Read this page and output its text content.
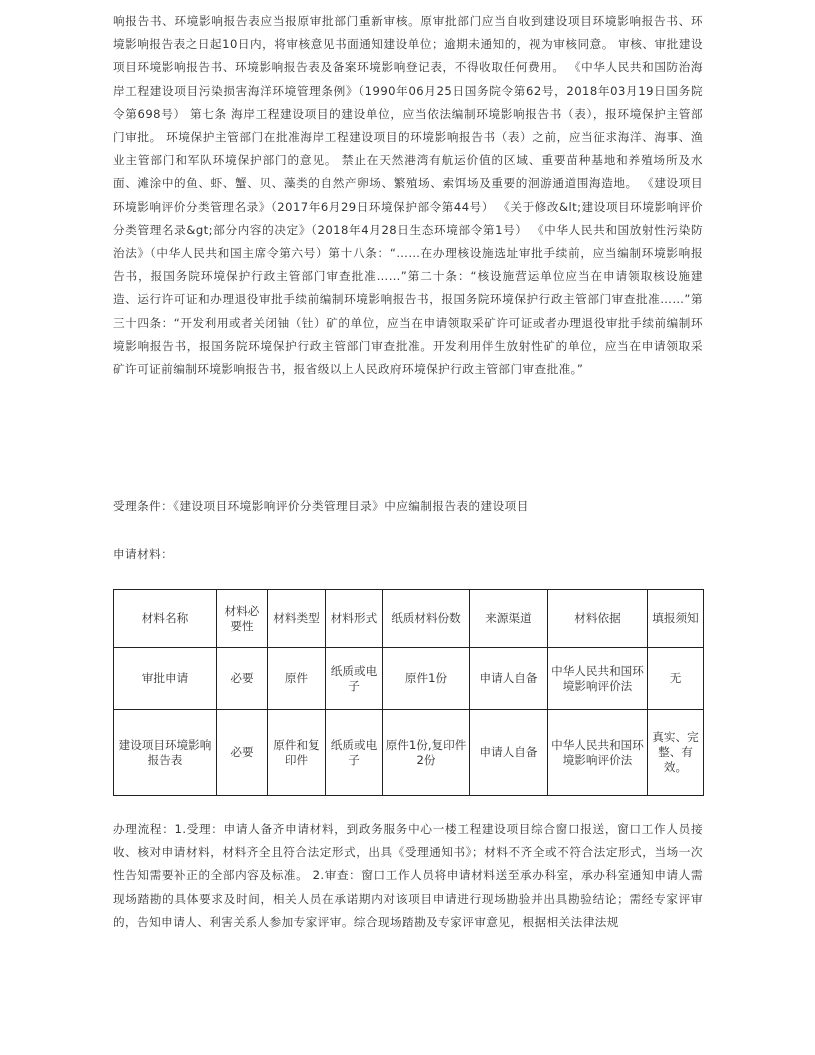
响报告书、环境影响报告表应当报原审批部门重新审核。原审批部门应当自收到建设项目环境影响报告书、环境影响报告表之日起10日内，将审核意见书面通知建设单位；逾期未通知的，视为审核同意。 审核、审批建设项目环境影响报告书、环境影响报告表及备案环境影响登记表，不得收取任何费用。 《中华人民共和国防治海岸工程建设项目污染损害海洋环境管理条例》（1990年06月25日国务院令第62号，2018年03月19日国务院令第698号） 第七条 海岸工程建设项目的建设单位，应当依法编制环境影响报告书（表），报环境保护主管部门审批。 环境保护主管部门在批准海岸工程建设项目的环境影响报告书（表）之前，应当征求海洋、海事、渔业主管部门和军队环境保护部门的意见。 禁止在天然港湾有航运价值的区域、重要苗种基地和养殖场所及水面、滩涂中的鱼、虾、蟹、贝、藻类的自然产卵场、繁殖场、索饵场及重要的洄游通道围海造地。 《建设项目环境影响评价分类管理名录》（2017年6月29日环境保护部令第44号） 《关于修改&lt;建设项目环境影响评价分类管理名录&gt;部分内容的决定》（2018年4月28日生态环境部令第1号） 《中华人民共和国放射性污染防治法》（中华人民共和国主席令第六号）第十八条：“……在办理核设施选址审批手续前，应当编制环境影响报告书，报国务院环境保护行政主管部门审查批准……”第二十条：“核设施营运单位应当在申请领取核设施建造、运行许可证和办理退役审批手续前编制环境影响报告书，报国务院环境保护行政主管部门审查批准……”第三十四条：“开发利用或者关闭铀（钍）矿的单位，应当在申请领取采矿许可证或者办理退役审批手续前编制环境影响报告书，报国务院环境保护行政主管部门审查批准。开发利用伴生放射性矿的单位，应当在申请领取采矿许可证前编制环境影响报告书，报省级以上人民政府环境保护行政主管部门审查批准。”
受理条件：《建设项目环境影响评价分类管理目录》中应编制报告表的建设项目
申请材料：
材料名称	材料必要性	材料类型	材料形式	纸质材料份数	来源渠道	材料依据	填报须知
审批申请	必要	原件	纸质或电子	原件1份	申请人自备	中华人民共和国环境影响评价法	无
建设项目环境影响报告表	必要	原件和复印件	纸质或电子	原件1份,复印件2份	申请人自备	中华人民共和国环境影响评价法	真实、完整、有效。
办理流程：1.受理：申请人备齐申请材料，到政务服务中心一楼工程建设项目综合窗口报送，窗口工作人员接收、核对申请材料，材料齐全且符合法定形式，出具《受理通知书》；材料不齐全或不符合法定形式，当场一次性告知需要补正的全部内容及标准。 2.审查：窗口工作人员将申请材料送至承办科室，承办科室通知申请人需现场踏勘的具体要求及时间，相关人员在承诺期内对该项目申请进行现场勘验并出具勘验结论；需经专家评审的，告知申请人、利害关系人参加专家评审。综合现场踏勘及专家评审意见，根据相关法律法规
